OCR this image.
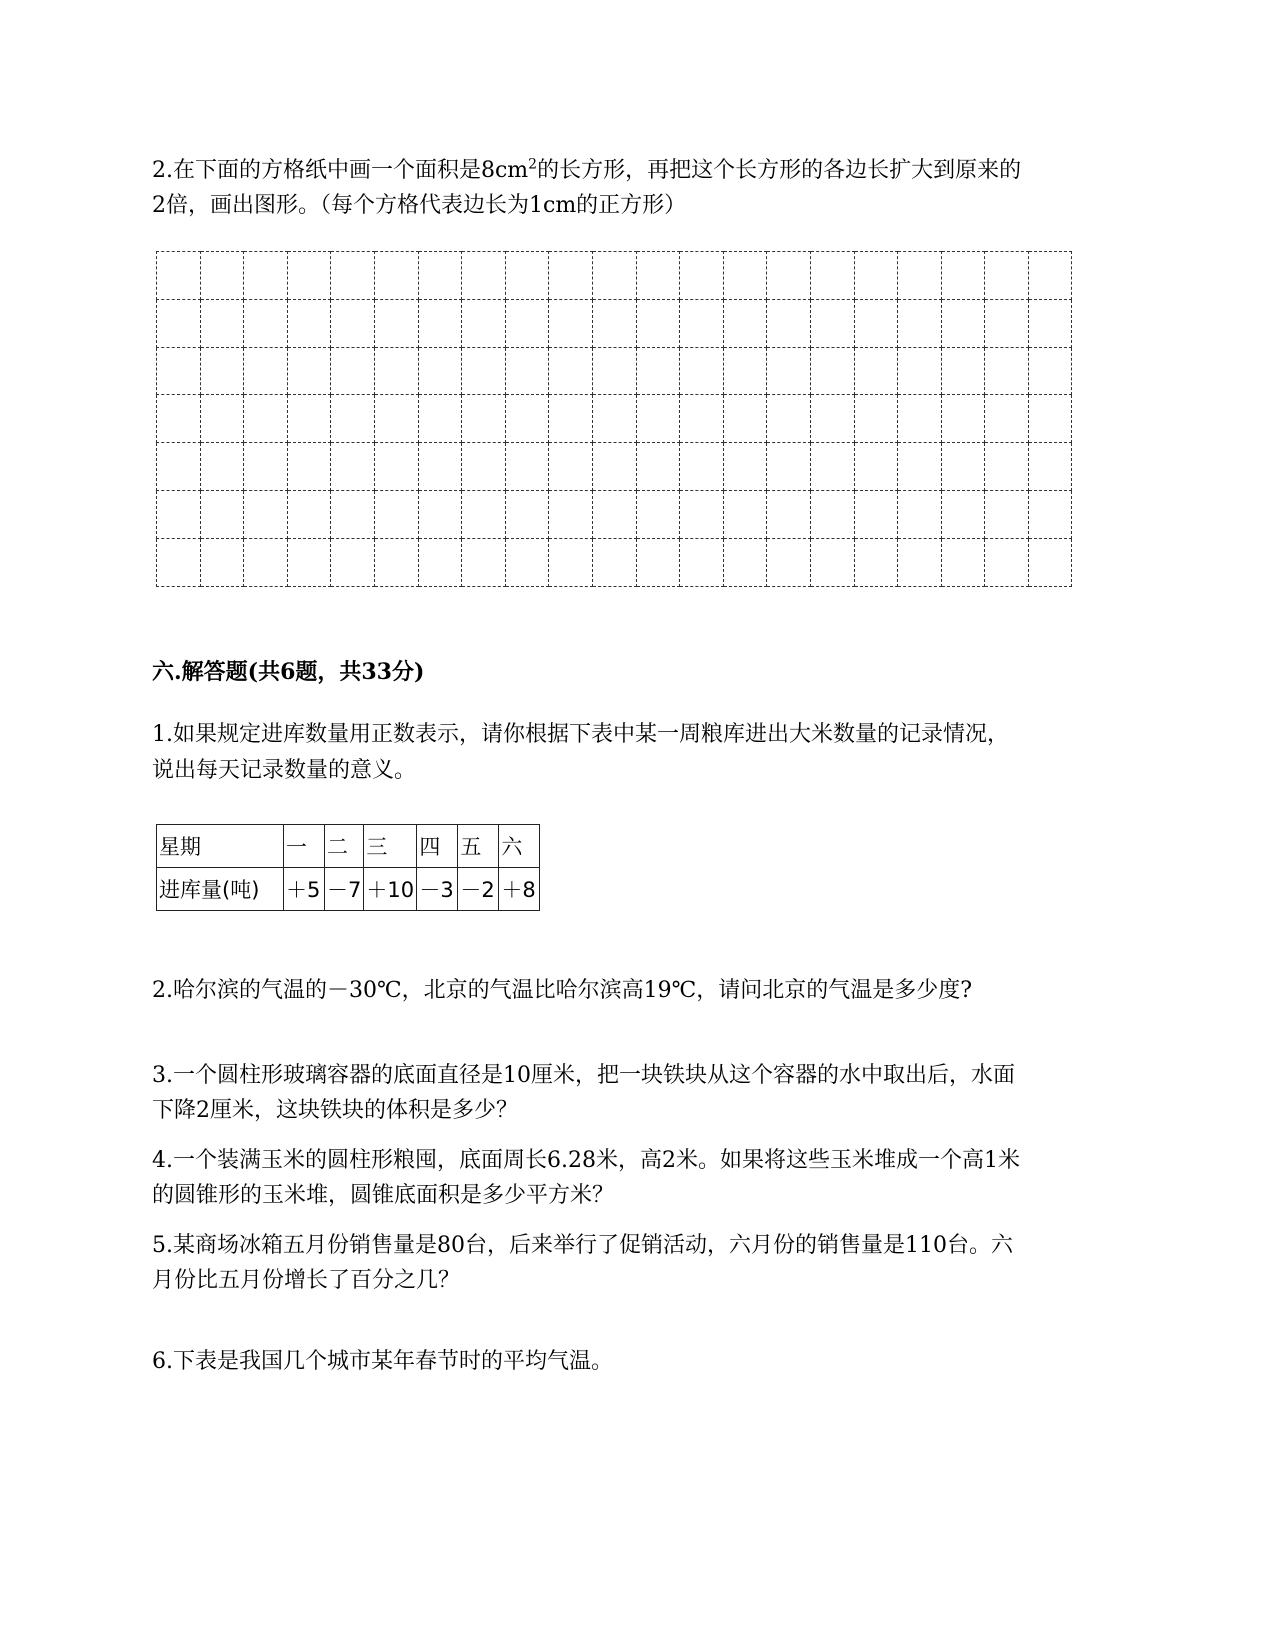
2.在下面的方格纸中画一个面积是$8cm^2$的长方形，再把这个长方形的各边长扩大到原来的

2倍，画出图形。（每个方格代表边长为1cm的正方形）

六.解答题(共6题，共33分)

1.如果规定进库数量用正数表示，请你根据下表中某一周粮库进出大米数量的记录情况，

说出每天记录数量的意义。

星期	一	二	三	四	五	六
进库量(吨)	＋5	－7	＋10	－3	－2	＋8

2.哈尔滨的气温的－30℃，北京的气温比哈尔滨高19℃，请问北京的气温是多少度?

3.一个圆柱形玻璃容器的底面直径是10厘米，把一块铁块从这个容器的水中取出后，水面

下降2厘米，这块铁块的体积是多少？

4.一个装满玉米的圆柱形粮囤，底面周长6.28米，高2米。如果将这些玉米堆成一个高1米

的圆锥形的玉米堆，圆锥底面积是多少平方米？

5.某商场冰箱五月份销售量是80台，后来举行了促销活动，六月份的销售量是110台。六

月份比五月份增长了百分之几？

6.下表是我国几个城市某年春节时的平均气温。
